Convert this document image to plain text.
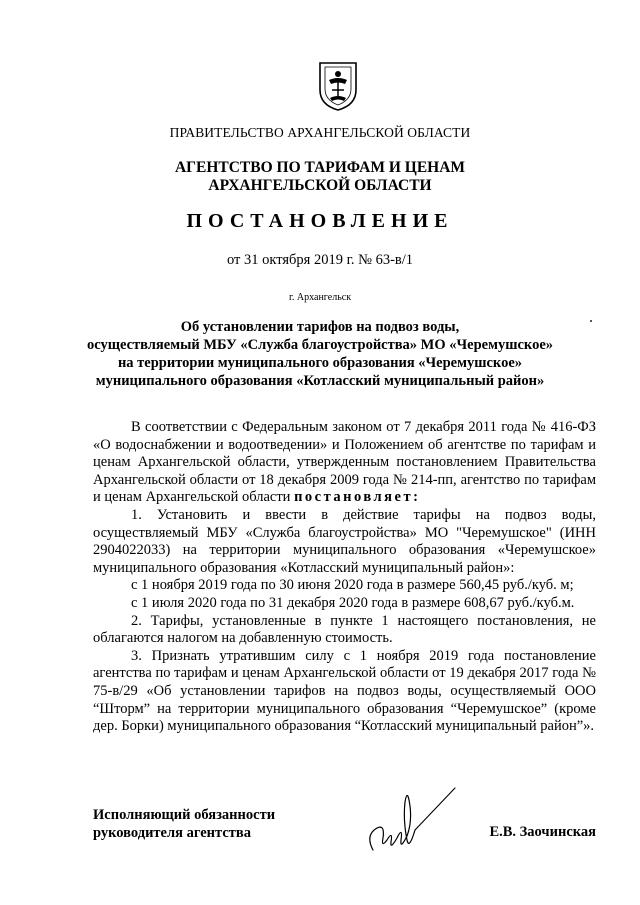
ПРАВИТЕЛЬСТВО АРХАНГЕЛЬСКОЙ ОБЛАСТИ
АГЕНТСТВО ПО ТАРИФАМ И ЦЕНАМ
АРХАНГЕЛЬСКОЙ ОБЛАСТИ
ПОСТАНОВЛЕНИЕ
от 31 октября 2019 г. № 63-в/1
г. Архангельск
Об установлении тарифов на подвоз воды,
осуществляемый МБУ «Служба благоустройства» МО «Черемушское»
на территории муниципального образования «Черемушское»
муниципального образования «Котласский муниципальный район»

В соответствии с Федеральным законом от 7 декабря 2011 года № 416-ФЗ «О водоснабжении и водоотведении» и Положением об агентстве по тарифам и ценам Архангельской области, утвержденным постановлением Правительства Архангельской области от 18 декабря 2009 года № 214-пп, агентство по тарифам и ценам Архангельской области постановляет:

1. Установить и ввести в действие тарифы на подвоз воды, осуществляемый МБУ «Служба благоустройства» МО "Черемушское" (ИНН 2904022033) на территории муниципального образования «Черемушское» муниципального образования «Котласский муниципальный район»:

с 1 ноября 2019 года по 30 июня 2020 года в размере 560,45 руб./куб. м;

с 1 июля 2020 года по 31 декабря 2020 года в размере 608,67 руб./куб.м.

2. Тарифы, установленные в пункте 1 настоящего постановления, не облагаются налогом на добавленную стоимость.

3. Признать утратившим силу с 1 ноября 2019 года постановление агентства по тарифам и ценам Архангельской области от 19 декабря 2017 года № 75-в/29 «Об установлении тарифов на подвоз воды, осуществляемый ООО “Шторм” на территории муниципального образования “Черемушское” (кроме дер. Борки) муниципального образования “Котласский муниципальный район”».

Исполняющий обязанности
руководителя агентства	Е.В. Заочинская
